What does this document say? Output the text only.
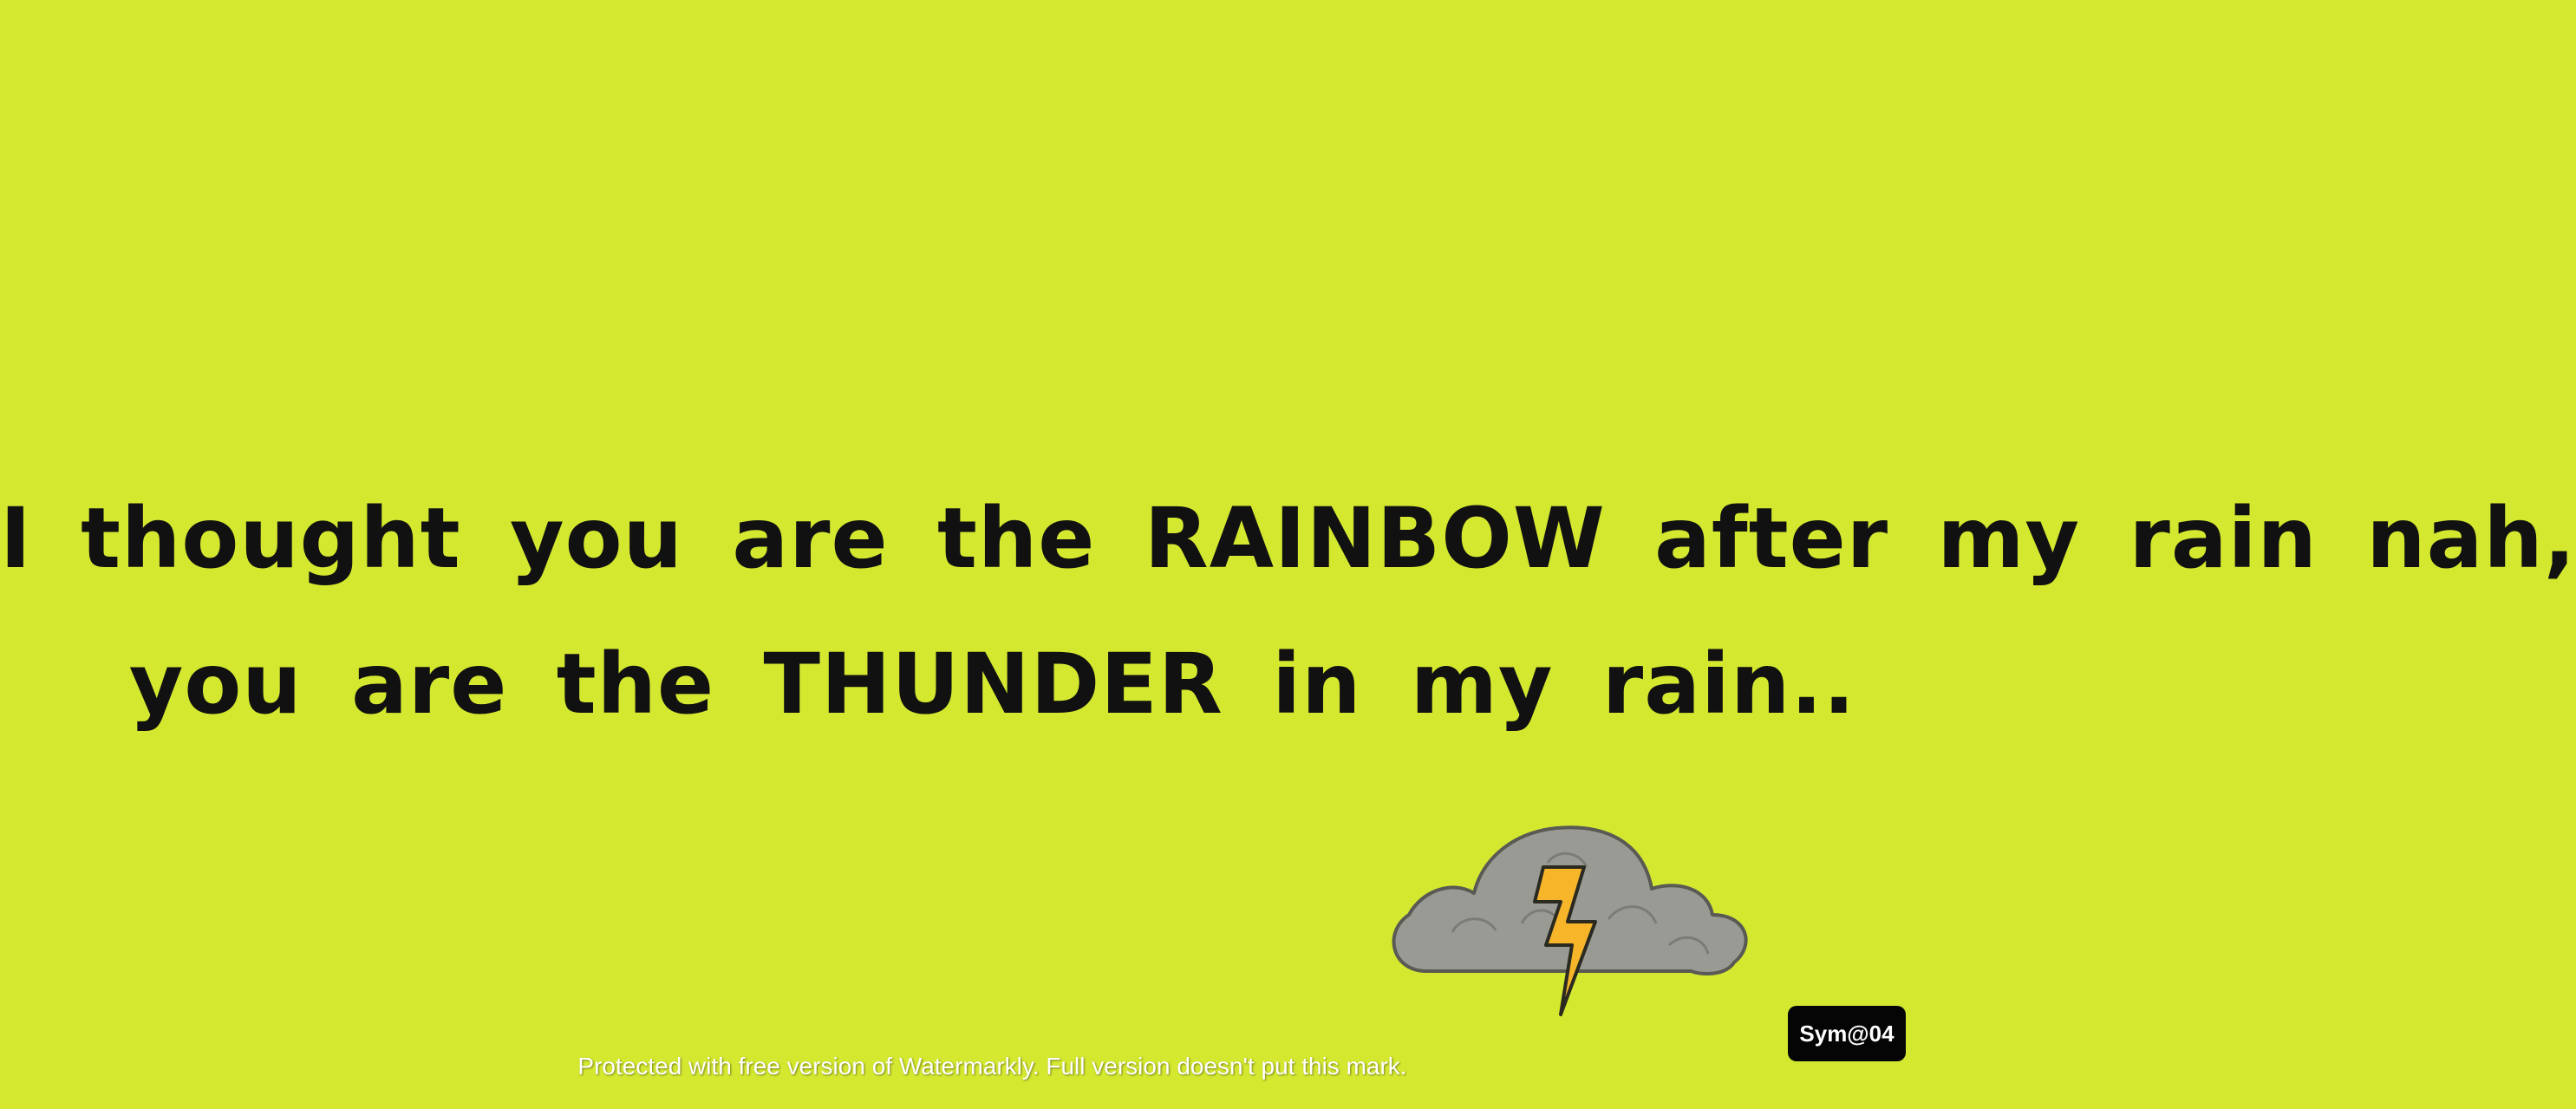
I thought you are the RAINBOW after my rain nah,
you are the THUNDER in my rain..
Sym@04
Protected with free version of Watermarkly. Full version doesn't put this mark.
